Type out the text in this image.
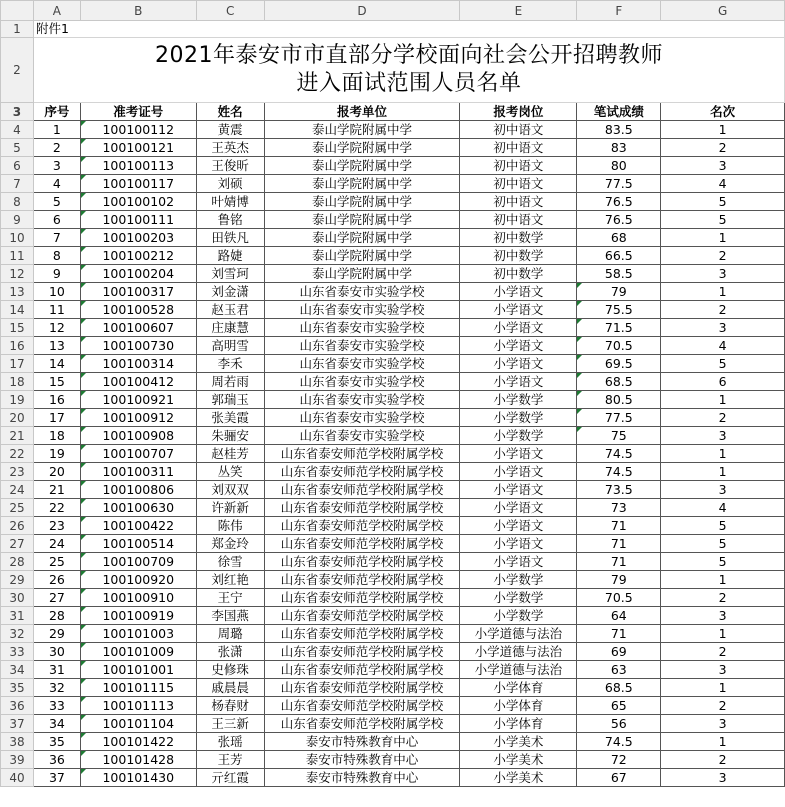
	A	B	C	D	E	F	G
1	附件1						
2	2021年泰安市市直部分学校面向社会公开招聘教师
进入面试范围人员名单						
3	序号	准考证号	姓名	报考单位	报考岗位	笔试成绩	名次
4	1	100100112	黄震	泰山学院附属中学	初中语文	83.5	1
5	2	100100121	王英杰	泰山学院附属中学	初中语文	83	2
6	3	100100113	王俊昕	泰山学院附属中学	初中语文	80	3
7	4	100100117	刘硕	泰山学院附属中学	初中语文	77.5	4
8	5	100100102	叶婧博	泰山学院附属中学	初中语文	76.5	5
9	6	100100111	鲁铭	泰山学院附属中学	初中语文	76.5	5
10	7	100100203	田铁凡	泰山学院附属中学	初中数学	68	1
11	8	100100212	路婕	泰山学院附属中学	初中数学	66.5	2
12	9	100100204	刘雪珂	泰山学院附属中学	初中数学	58.5	3
13	10	100100317	刘金潇	山东省泰安市实验学校	小学语文	79	1
14	11	100100528	赵玉君	山东省泰安市实验学校	小学语文	75.5	2
15	12	100100607	庄康慧	山东省泰安市实验学校	小学语文	71.5	3
16	13	100100730	高明雪	山东省泰安市实验学校	小学语文	70.5	4
17	14	100100314	李禾	山东省泰安市实验学校	小学语文	69.5	5
18	15	100100412	周若雨	山东省泰安市实验学校	小学语文	68.5	6
19	16	100100921	郭瑞玉	山东省泰安市实验学校	小学数学	80.5	1
20	17	100100912	张美霞	山东省泰安市实验学校	小学数学	77.5	2
21	18	100100908	朱骊安	山东省泰安市实验学校	小学数学	75	3
22	19	100100707	赵桂芳	山东省泰安师范学校附属学校	小学语文	74.5	1
23	20	100100311	丛笑	山东省泰安师范学校附属学校	小学语文	74.5	1
24	21	100100806	刘双双	山东省泰安师范学校附属学校	小学语文	73.5	3
25	22	100100630	许新新	山东省泰安师范学校附属学校	小学语文	73	4
26	23	100100422	陈伟	山东省泰安师范学校附属学校	小学语文	71	5
27	24	100100514	郑金玲	山东省泰安师范学校附属学校	小学语文	71	5
28	25	100100709	徐雪	山东省泰安师范学校附属学校	小学语文	71	5
29	26	100100920	刘红艳	山东省泰安师范学校附属学校	小学数学	79	1
30	27	100100910	王宁	山东省泰安师范学校附属学校	小学数学	70.5	2
31	28	100100919	李国燕	山东省泰安师范学校附属学校	小学数学	64	3
32	29	100101003	周璐	山东省泰安师范学校附属学校	小学道德与法治	71	1
33	30	100101009	张潇	山东省泰安师范学校附属学校	小学道德与法治	69	2
34	31	100101001	史修珠	山东省泰安师范学校附属学校	小学道德与法治	63	3
35	32	100101115	戚晨晨	山东省泰安师范学校附属学校	小学体育	68.5	1
36	33	100101113	杨春财	山东省泰安师范学校附属学校	小学体育	65	2
37	34	100101104	王三新	山东省泰安师范学校附属学校	小学体育	56	3
38	35	100101422	张瑶	泰安市特殊教育中心	小学美术	74.5	1
39	36	100101428	王芳	泰安市特殊教育中心	小学美术	72	2
40	37	100101430	亓红霞	泰安市特殊教育中心	小学美术	67	3
